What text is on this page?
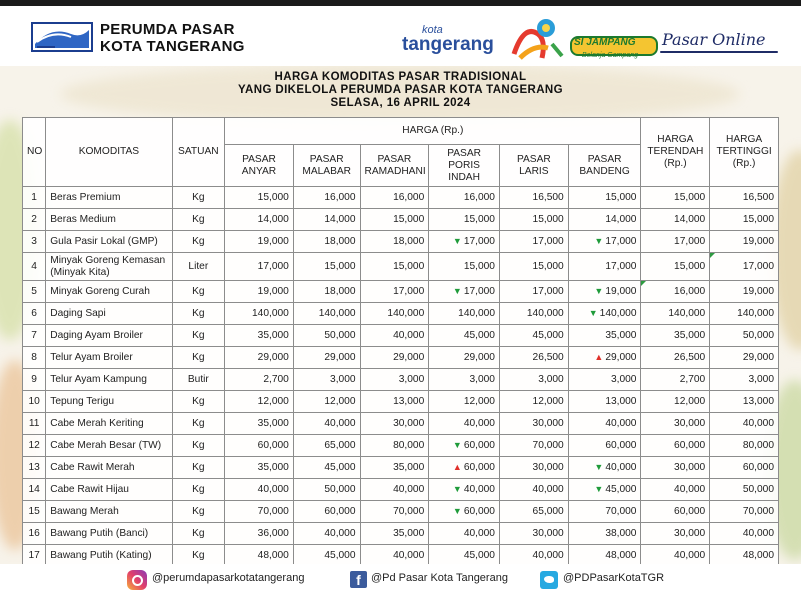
PERUMDA PASAR
KOTA TANGERANG
kota
tangerang	SI JAMPANG
Belanja Gampang
Pasar Online
HARGA KOMODITAS PASAR TRADISIONAL
YANG DIKELOLA PERUMDA PASAR KOTA TANGERANG
SELASA, 16 APRIL 2024
NO	KOMODITAS	SATUAN	HARGA (Rp.)						HARGA TERENDAH (Rp.)	HARGA TERTINGGI (Rp.)
			PASAR ANYAR	PASAR MALABAR	PASAR RAMADHANI	PASAR PORIS INDAH	PASAR LARIS	PASAR BANDENG		
1	Beras Premium	Kg	15,000	16,000	16,000	16,000	16,500	15,000	15,000	16,500
2	Beras Medium	Kg	14,000	14,000	15,000	15,000	15,000	14,000	14,000	15,000
3	Gula Pasir Lokal (GMP)	Kg	19,000	18,000	18,000	▼ 17,000	17,000	▼ 17,000	17,000	19,000
4	Minyak Goreng Kemasan (Minyak Kita)	Liter	17,000	15,000	15,000	15,000	15,000	17,000	15,000	17,000
5	Minyak Goreng Curah	Kg	19,000	18,000	17,000	▼ 17,000	17,000	▼ 19,000	16,000	19,000
6	Daging Sapi	Kg	140,000	140,000	140,000	140,000	140,000	▼ 140,000	140,000	140,000
7	Daging Ayam Broiler	Kg	35,000	50,000	40,000	45,000	45,000	35,000	35,000	50,000
8	Telur Ayam Broiler	Kg	29,000	29,000	29,000	29,000	26,500	▲ 29,000	26,500	29,000
9	Telur Ayam Kampung	Butir	2,700	3,000	3,000	3,000	3,000	3,000	2,700	3,000
10	Tepung Terigu	Kg	12,000	12,000	13,000	12,000	12,000	13,000	12,000	13,000
11	Cabe Merah Keriting	Kg	35,000	40,000	30,000	40,000	30,000	40,000	30,000	40,000
12	Cabe Merah Besar (TW)	Kg	60,000	65,000	80,000	▼ 60,000	70,000	60,000	60,000	80,000
13	Cabe Rawit Merah	Kg	35,000	45,000	35,000	▲ 60,000	30,000	▼ 40,000	30,000	60,000
14	Cabe Rawit Hijau	Kg	40,000	50,000	40,000	▼ 40,000	40,000	▼ 45,000	40,000	50,000
15	Bawang Merah	Kg	70,000	60,000	70,000	▼ 60,000	65,000	70,000	60,000	70,000
16	Bawang Putih (Banci)	Kg	36,000	40,000	35,000	40,000	30,000	38,000	30,000	40,000
17	Bawang Putih (Kating)	Kg	48,000	45,000	40,000	45,000	40,000	48,000	40,000	48,000
@perumdapasarkotatangerang	f @Pd Pasar Kota Tangerang	@PDPasarKotaTGR
